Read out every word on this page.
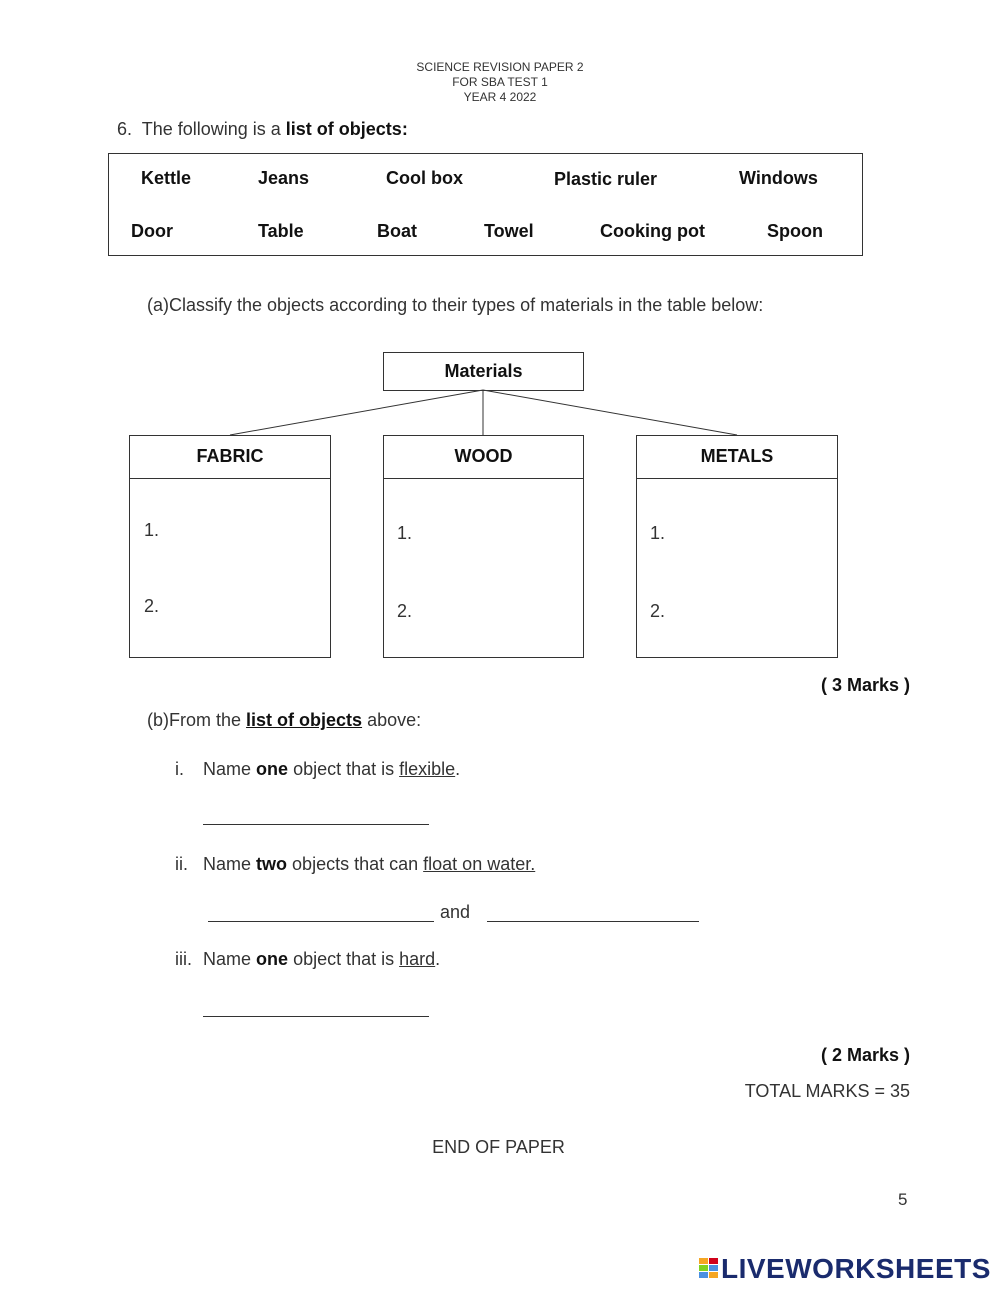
SCIENCE REVISION PAPER 2
FOR SBA TEST 1
YEAR 4 2022
6. The following is a list of objects:
Kettle	Jeans	Cool box	Plastic ruler	Windows
Door	Table	Boat	Towel	Cooking pot	Spoon
(a)Classify the objects according to their types of materials in the table below:
Materials
FABRIC
1.
2.
WOOD
1.
2.
METALS
1.
2.
( 3 Marks )
(b)From the list of objects above:
i. Name one object that is flexible.
ii. Name two objects that can float on water.
and
iii. Name one object that is hard.
( 2 Marks )
TOTAL MARKS = 35
END OF PAPER
5
LIVEWORKSHEETS
